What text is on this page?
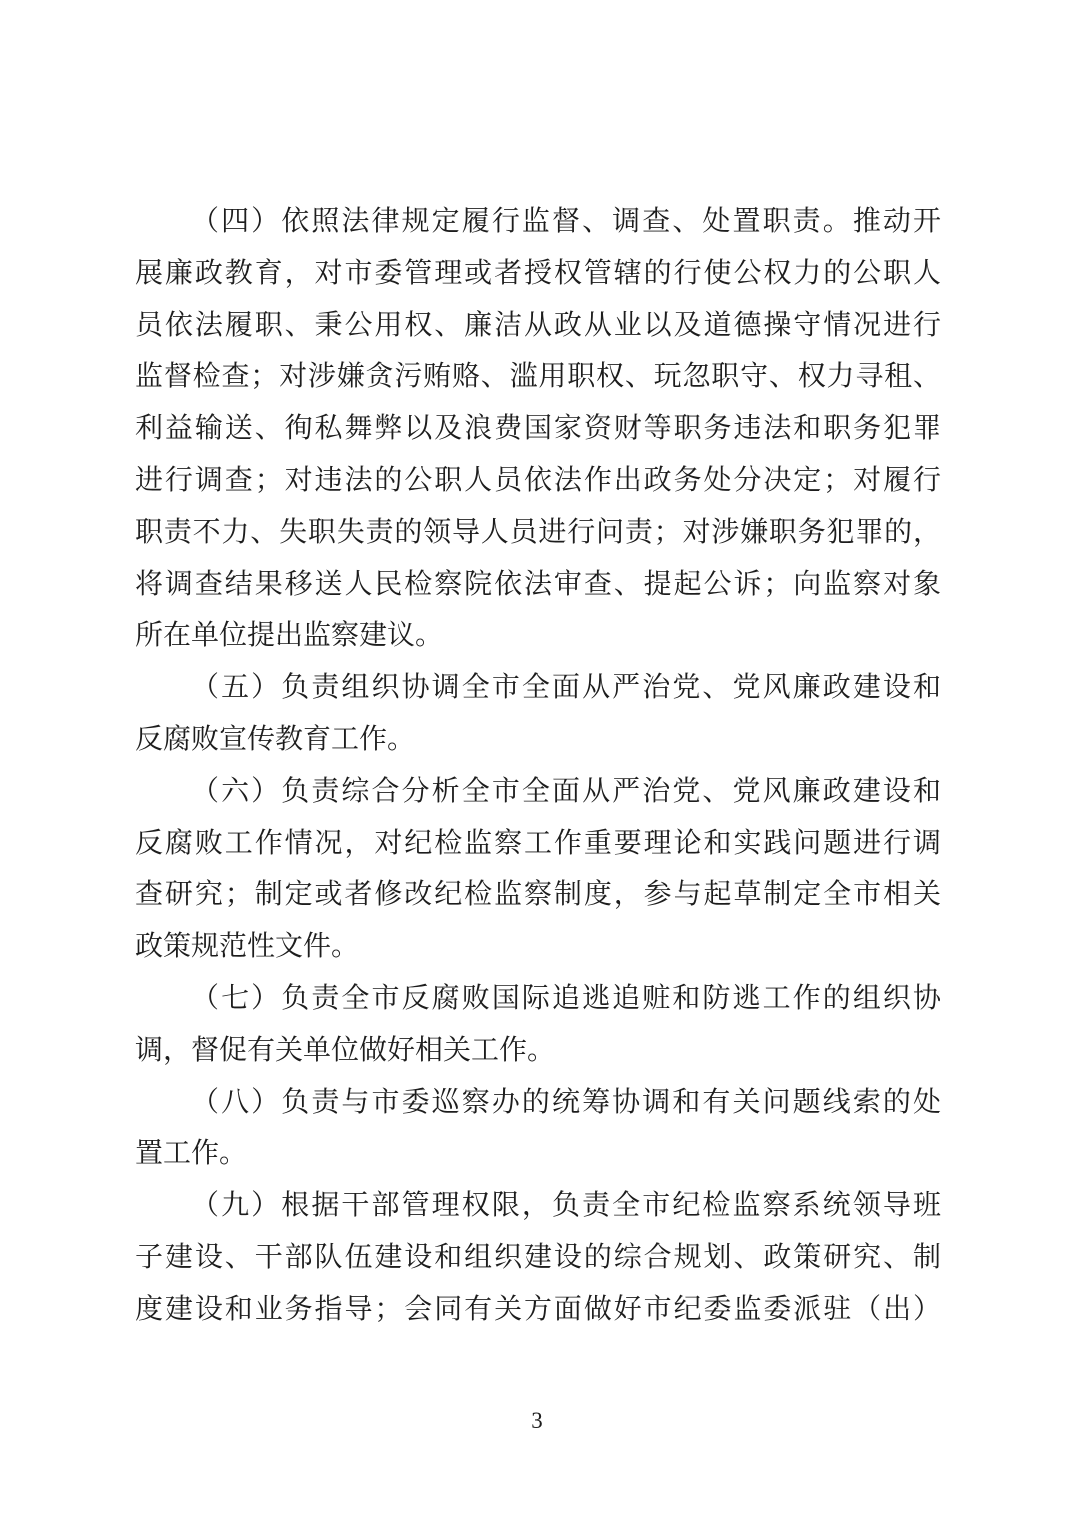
（四）依照法律规定履行监督、调查、处置职责。推动开
展廉政教育，对市委管理或者授权管辖的行使公权力的公职人
员依法履职、秉公用权、廉洁从政从业以及道德操守情况进行
监督检查；对涉嫌贪污贿赂、滥用职权、玩忽职守、权力寻租、
利益输送、徇私舞弊以及浪费国家资财等职务违法和职务犯罪
进行调查；对违法的公职人员依法作出政务处分决定；对履行
职责不力、失职失责的领导人员进行问责；对涉嫌职务犯罪的，
将调查结果移送人民检察院依法审查、提起公诉；向监察对象
所在单位提出监察建议。
（五）负责组织协调全市全面从严治党、党风廉政建设和
反腐败宣传教育工作。
（六）负责综合分析全市全面从严治党、党风廉政建设和
反腐败工作情况，对纪检监察工作重要理论和实践问题进行调
查研究；制定或者修改纪检监察制度，参与起草制定全市相关
政策规范性文件。
（七）负责全市反腐败国际追逃追赃和防逃工作的组织协
调，督促有关单位做好相关工作。
（八）负责与市委巡察办的统筹协调和有关问题线索的处
置工作。
（九）根据干部管理权限，负责全市纪检监察系统领导班
子建设、干部队伍建设和组织建设的综合规划、政策研究、制
度建设和业务指导；会同有关方面做好市纪委监委派驻（出）
3
